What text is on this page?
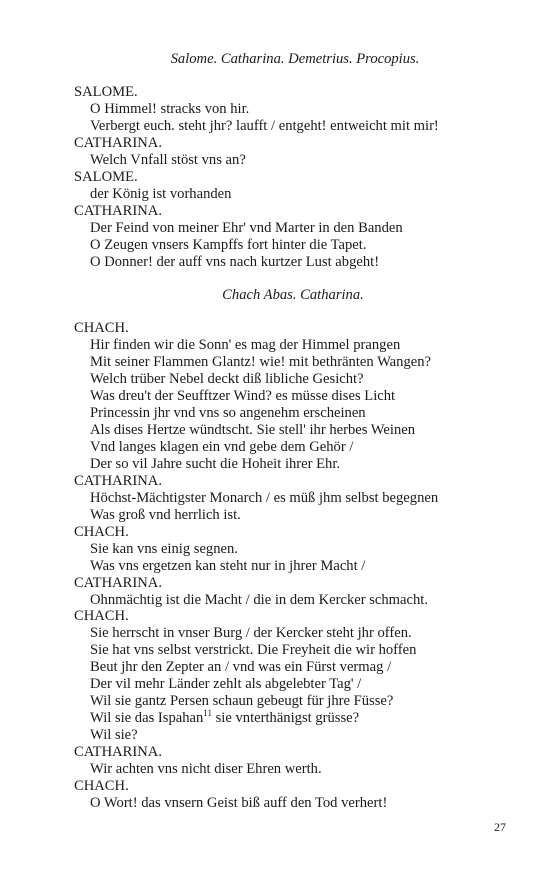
Salome. Catharina. Demetrius. Procopius.
SALOME.
O Himmel! stracks von hir.
Verbergt euch. steht jhr? laufft / entgeht! entweicht mit mir!
CATHARINA.
Welch Vnfall stöst vns an?
SALOME.
der König ist vorhanden
CATHARINA.
Der Feind von meiner Ehr' vnd Marter in den Banden
O Zeugen vnsers Kampffs fort hinter die Tapet.
O Donner! der auff vns nach kurtzer Lust abgeht!
Chach Abas. Catharina.
CHACH.
Hir finden wir die Sonn' es mag der Himmel prangen
Mit seiner Flammen Glantz! wie! mit bethränten Wangen?
Welch trüber Nebel deckt diß libliche Gesicht?
Was dreu't der Seufftzer Wind? es müsse dises Licht
Princessin jhr vnd vns so angenehm erscheinen
Als dises Hertze wündtscht. Sie stell' ihr herbes Weinen
Vnd langes klagen ein vnd gebe dem Gehör /
Der so vil Jahre sucht die Hoheit ihrer Ehr.
CATHARINA.
Höchst-Mächtigster Monarch / es müß jhm selbst begegnen
Was groß vnd herrlich ist.
CHACH.
Sie kan vns einig segnen.
Was vns ergetzen kan steht nur in jhrer Macht /
CATHARINA.
Ohnmächtig ist die Macht / die in dem Kercker schmacht.
CHACH.
Sie herrscht in vnser Burg / der Kercker steht jhr offen.
Sie hat vns selbst verstrickt. Die Freyheit die wir hoffen
Beut jhr den Zepter an / vnd was ein Fürst vermag /
Der vil mehr Länder zehlt als abgelebter Tag' /
Wil sie gantz Persen schaun gebeugt für jhre Füsse?
Wil sie das Ispahan$^{11}$ sie vnterthänigst grüsse?
Wil sie?
CATHARINA.
Wir achten vns nicht diser Ehren werth.
CHACH.
O Wort! das vnsern Geist biß auff den Tod verhert!
27
